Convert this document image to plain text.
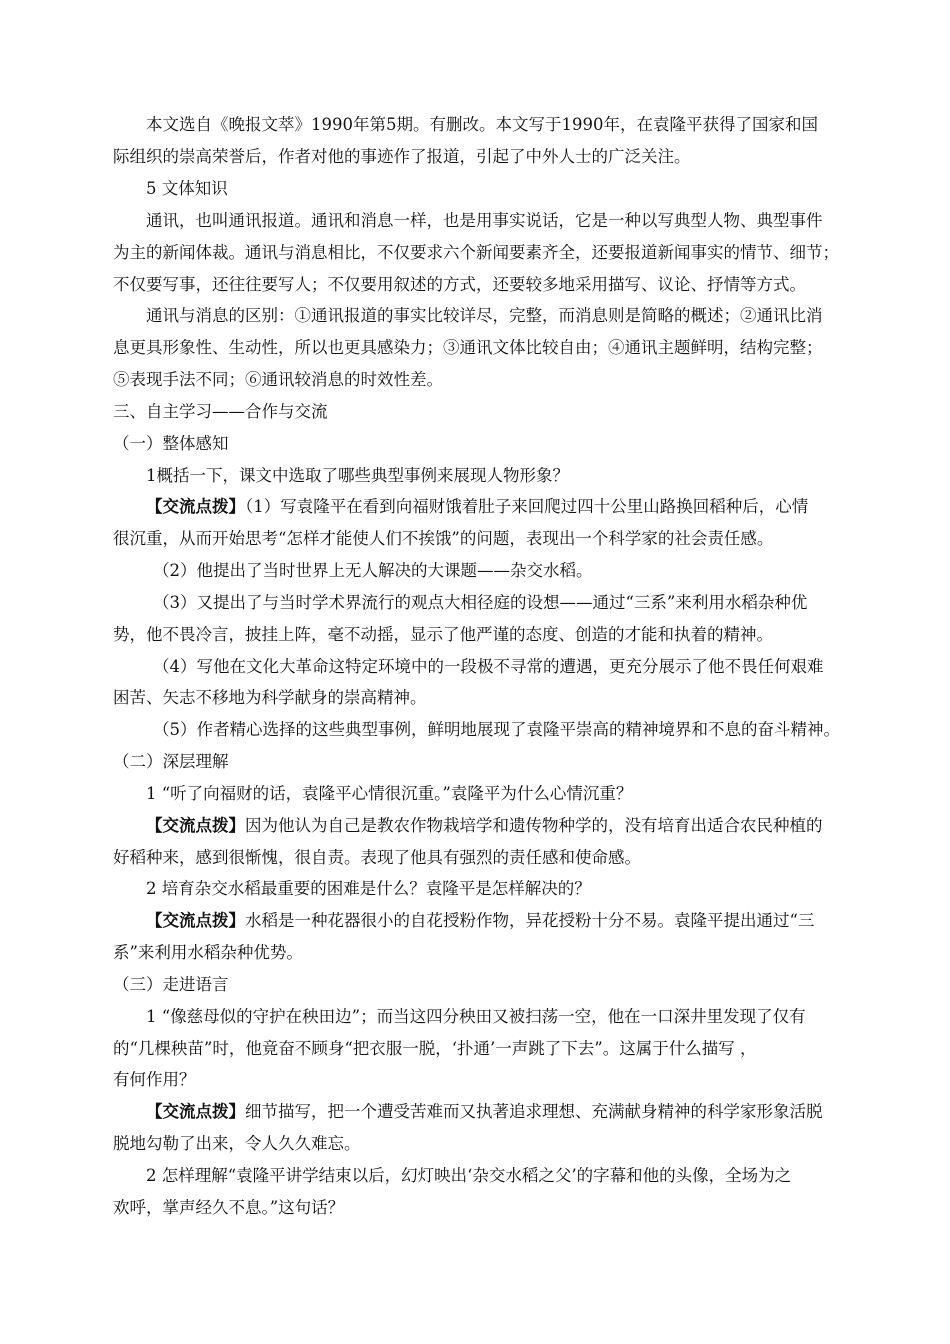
本文选自《晚报文萃》1990年第5期。有删改。本文写于1990年，在袁隆平获得了国家和国
际组织的崇高荣誉后，作者对他的事迹作了报道，引起了中外人士的广泛关注。
5 文体知识
通讯，也叫通讯报道。通讯和消息一样，也是用事实说话，它是一种以写典型人物、典型事件
为主的新闻体裁。通讯与消息相比，不仅要求六个新闻要素齐全，还要报道新闻事实的情节、细节；
不仅要写事，还往往要写人；不仅要用叙述的方式，还要较多地采用描写、议论、抒情等方式。
通讯与消息的区别：①通讯报道的事实比较详尽，完整，而消息则是简略的概述；②通讯比消
息更具形象性、生动性，所以也更具感染力；③通讯文体比较自由；④通讯主题鲜明，结构完整；
⑤表现手法不同；⑥通讯较消息的时效性差。
三、自主学习——合作与交流
（一）整体感知
1概括一下，课文中选取了哪些典型事例来展现人物形象？
【交流点拨】（1）写袁隆平在看到向福财饿着肚子来回爬过四十公里山路换回稻种后，心情
很沉重，从而开始思考“怎样才能使人们不挨饿”的问题，表现出一个科学家的社会责任感。
（2）他提出了当时世界上无人解决的大课题——杂交水稻。
（3）又提出了与当时学术界流行的观点大相径庭的设想——通过“三系”来利用水稻杂种优
势，他不畏冷言，披挂上阵，毫不动摇，显示了他严谨的态度、创造的才能和执着的精神。
（4）写他在文化大革命这特定环境中的一段极不寻常的遭遇，更充分展示了他不畏任何艰难
困苦、矢志不移地为科学献身的崇高精神。
（5）作者精心选择的这些典型事例，鲜明地展现了袁隆平崇高的精神境界和不息的奋斗精神。
（二）深层理解
1 “听了向福财的话，袁隆平心情很沉重。”袁隆平为什么心情沉重？
【交流点拨】因为他认为自己是教农作物栽培学和遗传物种学的，没有培育出适合农民种植的
好稻种来，感到很惭愧，很自责。表现了他具有强烈的责任感和使命感。
2 培育杂交水稻最重要的困难是什么？袁隆平是怎样解决的？
【交流点拨】水稻是一种花器很小的自花授粉作物，异花授粉十分不易。袁隆平提出通过“三
系”来利用水稻杂种优势。
（三）走进语言
1 “像慈母似的守护在秧田边”；而当这四分秧田又被扫荡一空，他在一口深井里发现了仅有
的“几棵秧苗”时，他竟奋不顾身“把衣服一脱，‘扑通’一声跳了下去”。这属于什么描写 ，
有何作用？
【交流点拨】细节描写，把一个遭受苦难而又执著追求理想、充满献身精神的科学家形象活脱
脱地勾勒了出来，令人久久难忘。
2 怎样理解“袁隆平讲学结束以后，幻灯映出‘杂交水稻之父’的字幕和他的头像，全场为之
欢呼，掌声经久不息。”这句话？
